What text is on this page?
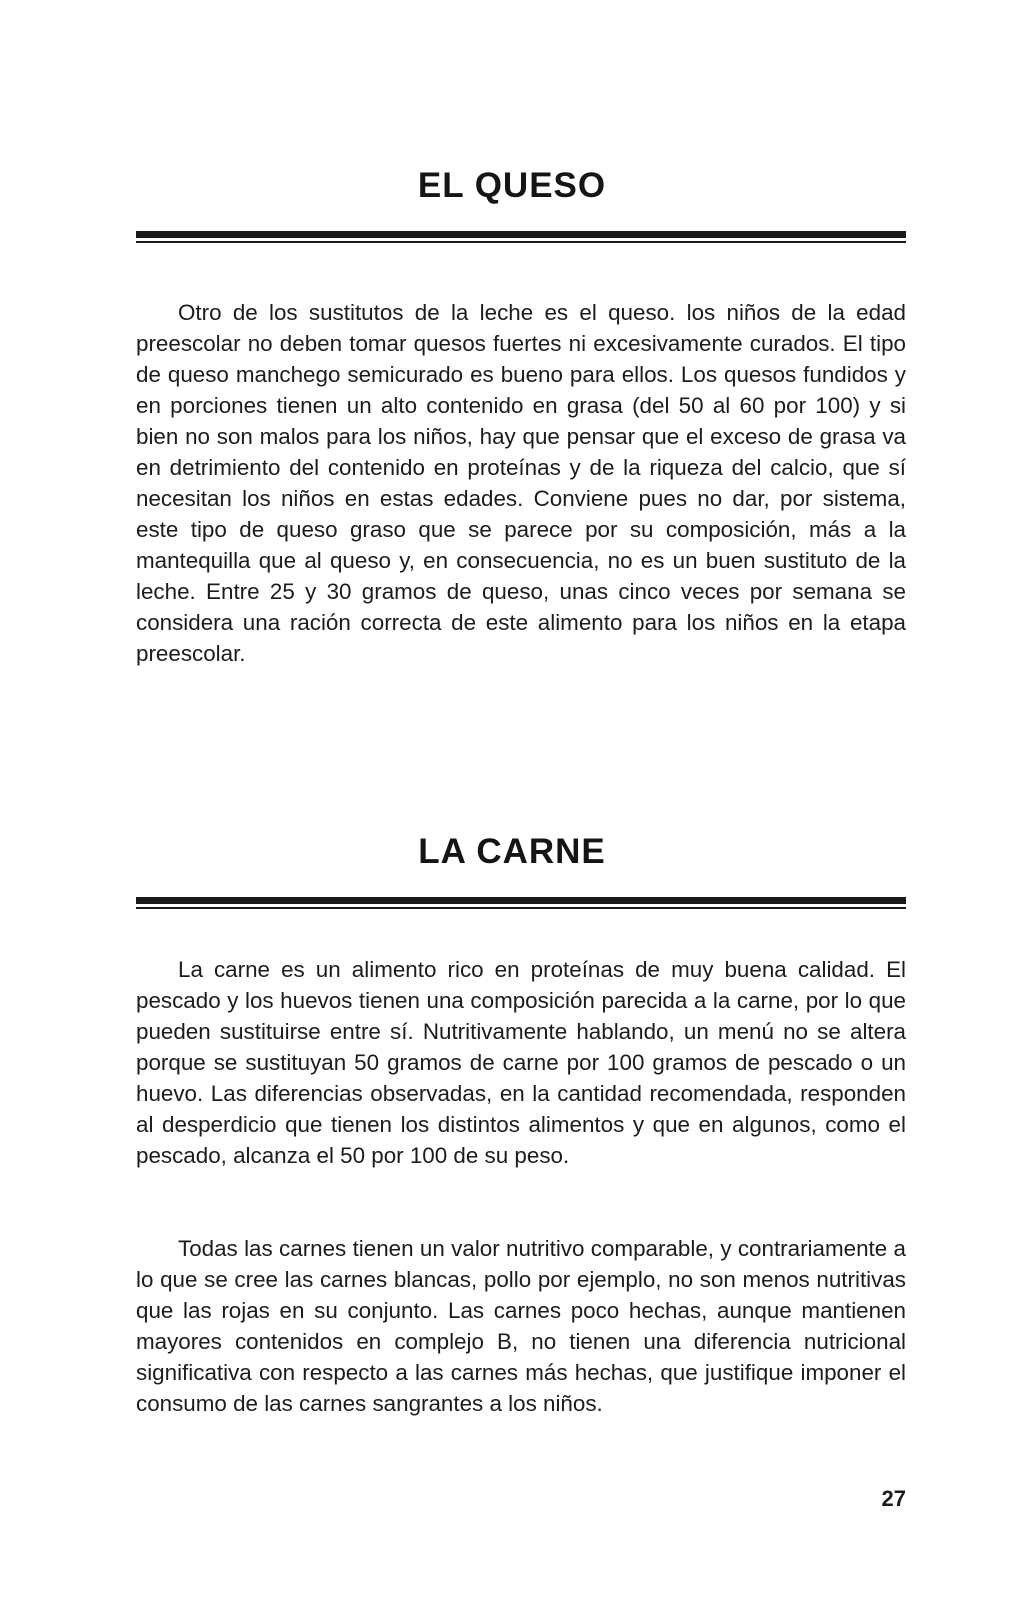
EL QUESO

Otro de los sustitutos de la leche es el queso. los niños de la edad preescolar no deben tomar quesos fuertes ni excesivamente curados. El tipo de queso manchego semicurado es bueno para ellos. Los quesos fundidos y en porciones tienen un alto contenido en grasa (del 50 al 60 por 100) y si bien no son malos para los niños, hay que pensar que el exceso de grasa va en detrimiento del contenido en proteínas y de la riqueza del calcio, que sí necesitan los niños en estas edades. Conviene pues no dar, por sistema, este tipo de queso graso que se parece por su composición, más a la mantequilla que al queso y, en consecuencia, no es un buen sustituto de la leche. Entre 25 y 30 gramos de queso, unas cinco veces por semana se considera una ración correcta de este alimento para los niños en la etapa preescolar.

LA CARNE

La carne es un alimento rico en proteínas de muy buena calidad. El pescado y los huevos tienen una composición parecida a la carne, por lo que pueden sustituirse entre sí. Nutritivamente hablando, un menú no se altera porque se sustituyan 50 gramos de carne por 100 gramos de pescado o un huevo. Las diferencias observadas, en la cantidad recomendada, responden al desperdicio que tienen los distintos alimentos y que en algunos, como el pescado, alcanza el 50 por 100 de su peso.

Todas las carnes tienen un valor nutritivo comparable, y contrariamente a lo que se cree las carnes blancas, pollo por ejemplo, no son menos nutritivas que las rojas en su conjunto. Las carnes poco hechas, aunque mantienen mayores contenidos en complejo B, no tienen una diferencia nutricional significativa con respecto a las carnes más hechas, que justifique imponer el consumo de las carnes sangrantes a los niños.

27
